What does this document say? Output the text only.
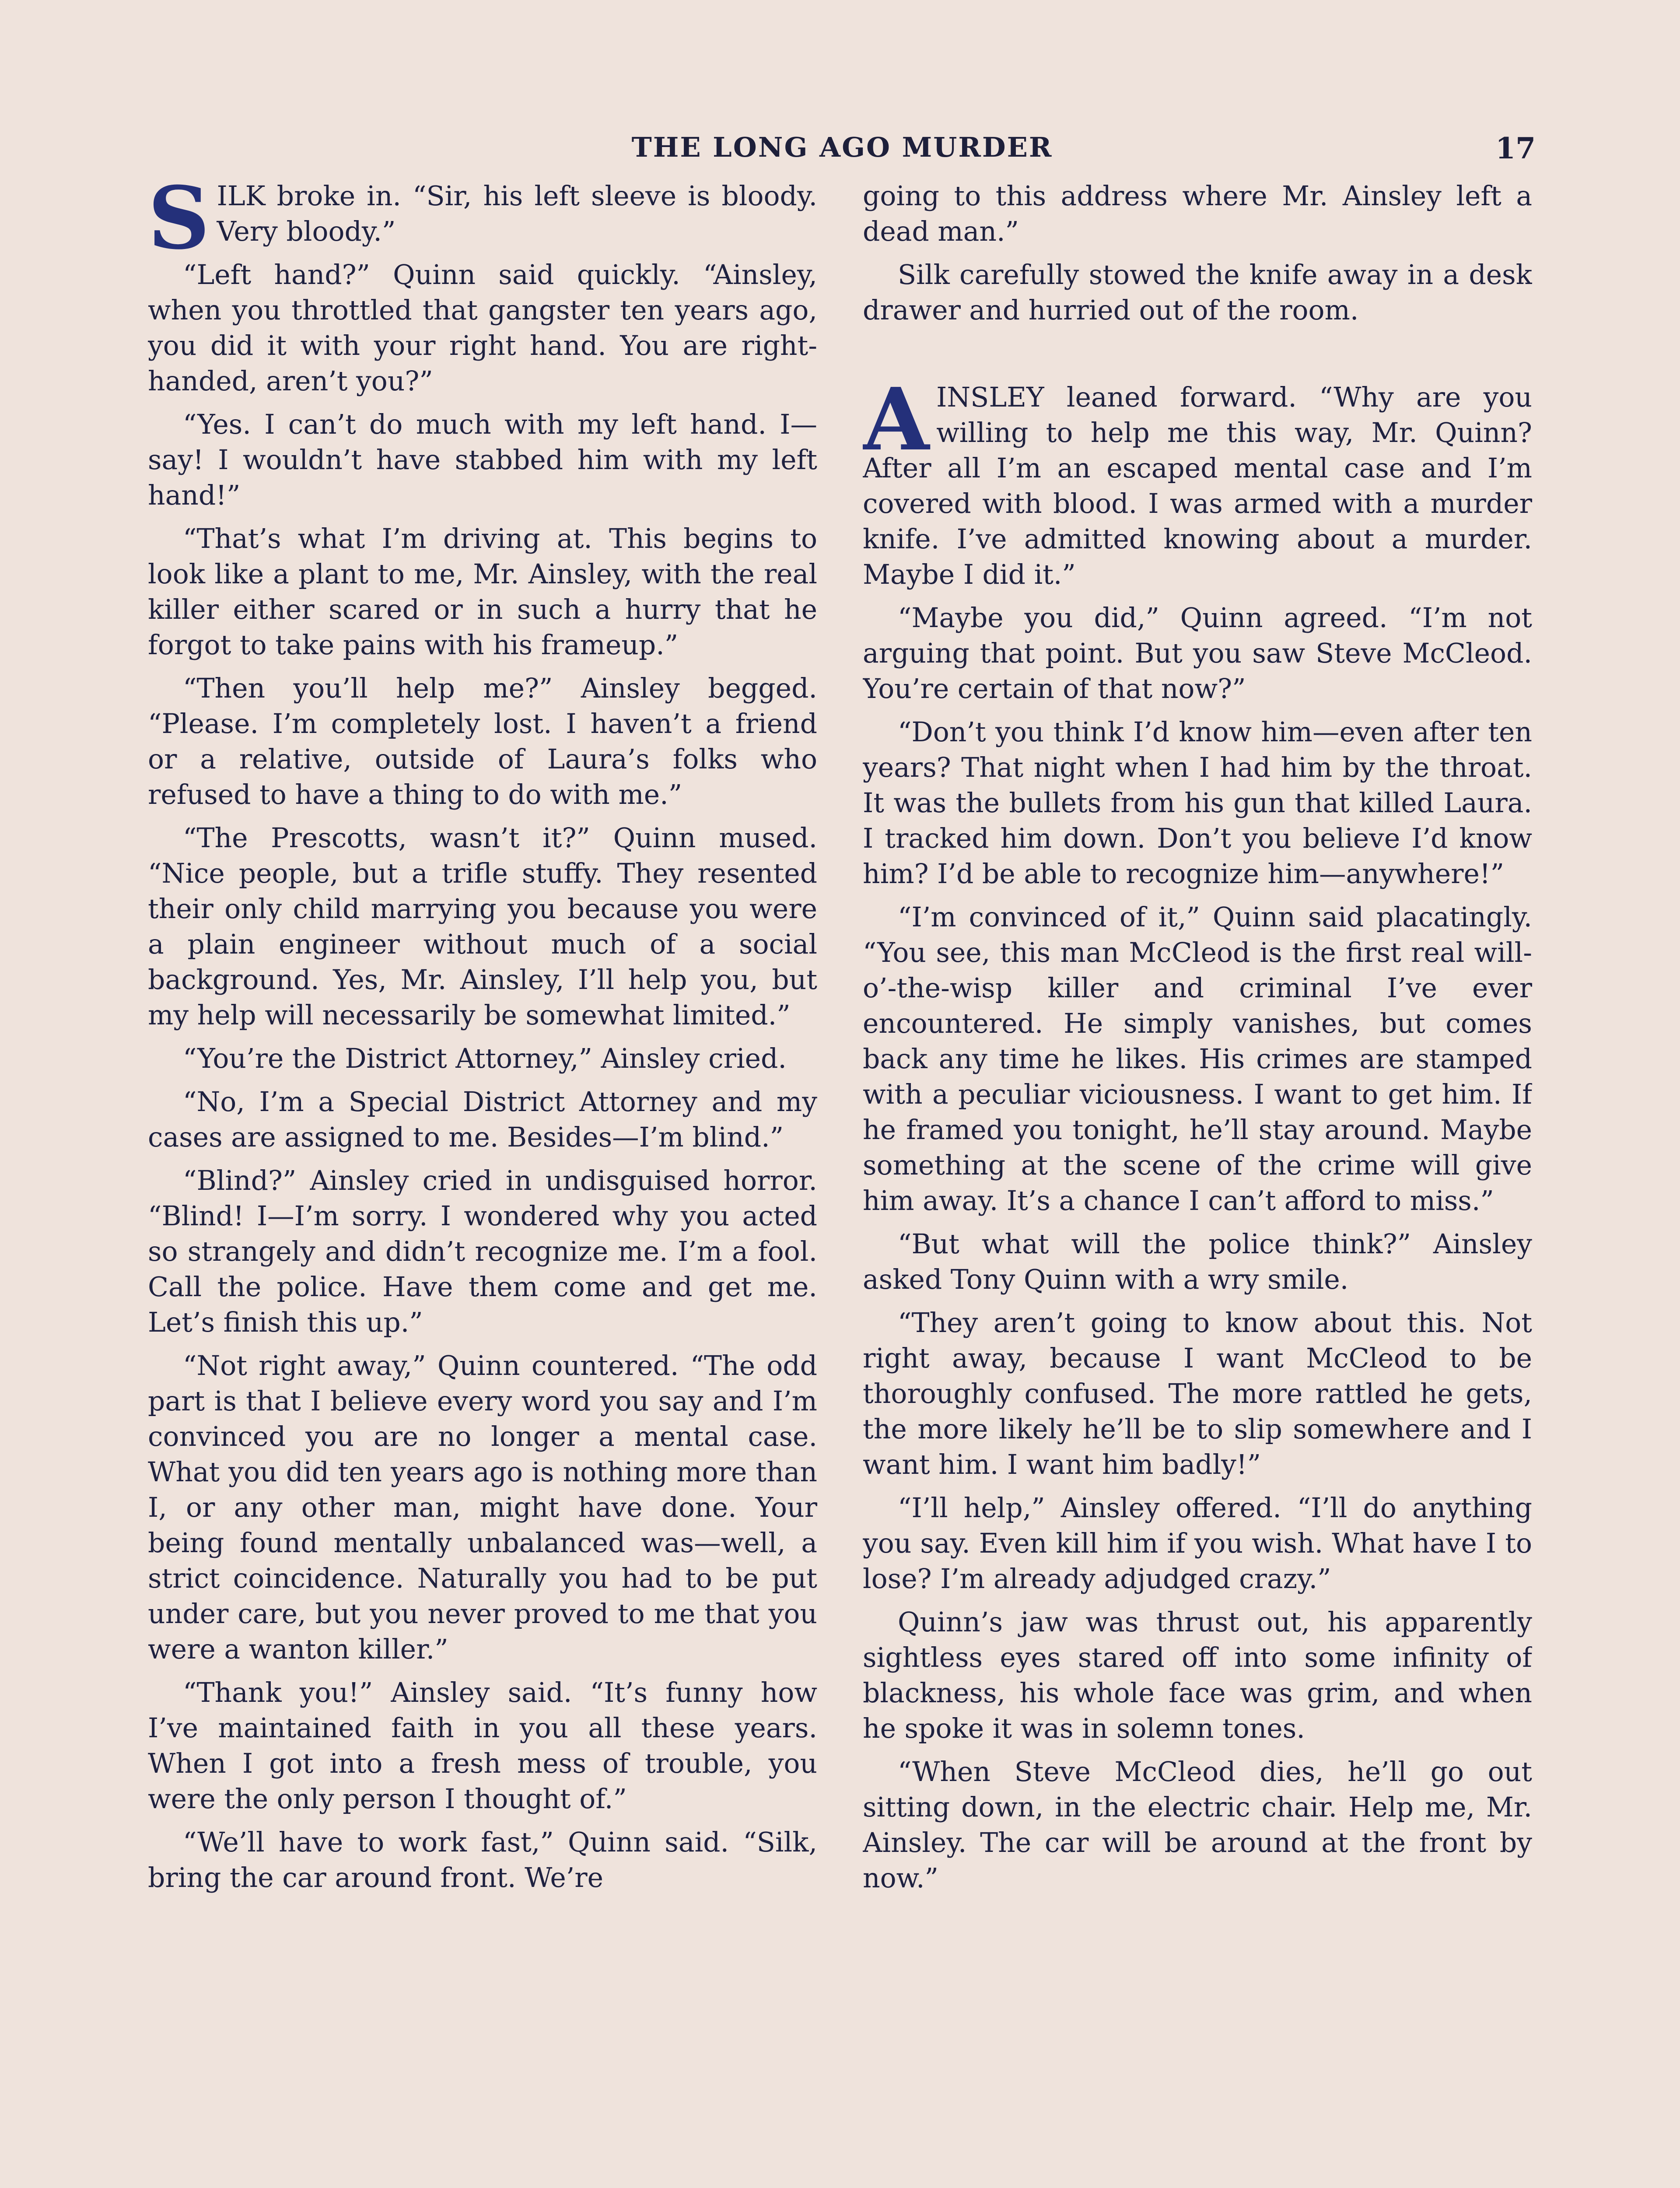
THE LONG AGO MURDER	17

SILK broke in. “Sir, his left sleeve is bloody. Very bloody.”

“Left hand?” Quinn said quickly. “Ainsley, when you throttled that gangster ten years ago, you did it with your right hand. You are right-handed, aren’t you?”

“Yes. I can’t do much with my left hand. I—say! I wouldn’t have stabbed him with my left hand!”

“That’s what I’m driving at. This begins to look like a plant to me, Mr. Ainsley, with the real killer either scared or in such a hurry that he forgot to take pains with his frameup.”

“Then you’ll help me?” Ainsley begged. “Please. I’m completely lost. I haven’t a friend or a relative, outside of Laura’s folks who refused to have a thing to do with me.”

“The Prescotts, wasn’t it?” Quinn mused. “Nice people, but a trifle stuffy. They resented their only child marrying you because you were a plain engineer without much of a social background. Yes, Mr. Ainsley, I’ll help you, but my help will necessarily be somewhat limited.”

“You’re the District Attorney,” Ainsley cried.

“No, I’m a Special District Attorney and my cases are assigned to me. Besides—I’m blind.”

“Blind?” Ainsley cried in undisguised horror. “Blind! I—I’m sorry. I wondered why you acted so strangely and didn’t recognize me. I’m a fool. Call the police. Have them come and get me. Let’s finish this up.”

“Not right away,” Quinn countered. “The odd part is that I believe every word you say and I’m convinced you are no longer a mental case. What you did ten years ago is nothing more than I, or any other man, might have done. Your being found mentally unbalanced was—well, a strict coincidence. Naturally you had to be put under care, but you never proved to me that you were a wanton killer.”

“Thank you!” Ainsley said. “It’s funny how I’ve maintained faith in you all these years. When I got into a fresh mess of trouble, you were the only person I thought of.”

“We’ll have to work fast,” Quinn said. “Silk, bring the car around front. We’re

going to this address where Mr. Ainsley left a dead man.”

Silk carefully stowed the knife away in a desk drawer and hurried out of the room.

AINSLEY leaned forward. “Why are you willing to help me this way, Mr. Quinn? After all I’m an escaped mental case and I’m covered with blood. I was armed with a murder knife. I’ve admitted knowing about a murder. Maybe I did it.”

“Maybe you did,” Quinn agreed. “I’m not arguing that point. But you saw Steve McCleod. You’re certain of that now?”

“Don’t you think I’d know him—even after ten years? That night when I had him by the throat. It was the bullets from his gun that killed Laura. I tracked him down. Don’t you believe I’d know him? I’d be able to recognize him—anywhere!”

“I’m convinced of it,” Quinn said placatingly. “You see, this man McCleod is the first real will-o’-the-wisp killer and criminal I’ve ever encountered. He simply vanishes, but comes back any time he likes. His crimes are stamped with a peculiar viciousness. I want to get him. If he framed you tonight, he’ll stay around. Maybe something at the scene of the crime will give him away. It’s a chance I can’t afford to miss.”

“But what will the police think?” Ainsley asked Tony Quinn with a wry smile.

“They aren’t going to know about this. Not right away, because I want McCleod to be thoroughly confused. The more rattled he gets, the more likely he’ll be to slip somewhere and I want him. I want him badly!”

“I’ll help,” Ainsley offered. “I’ll do anything you say. Even kill him if you wish. What have I to lose? I’m already adjudged crazy.”

Quinn’s jaw was thrust out, his apparently sightless eyes stared off into some infinity of blackness, his whole face was grim, and when he spoke it was in solemn tones.

“When Steve McCleod dies, he’ll go out sitting down, in the electric chair. Help me, Mr. Ainsley. The car will be around at the front by now.”
